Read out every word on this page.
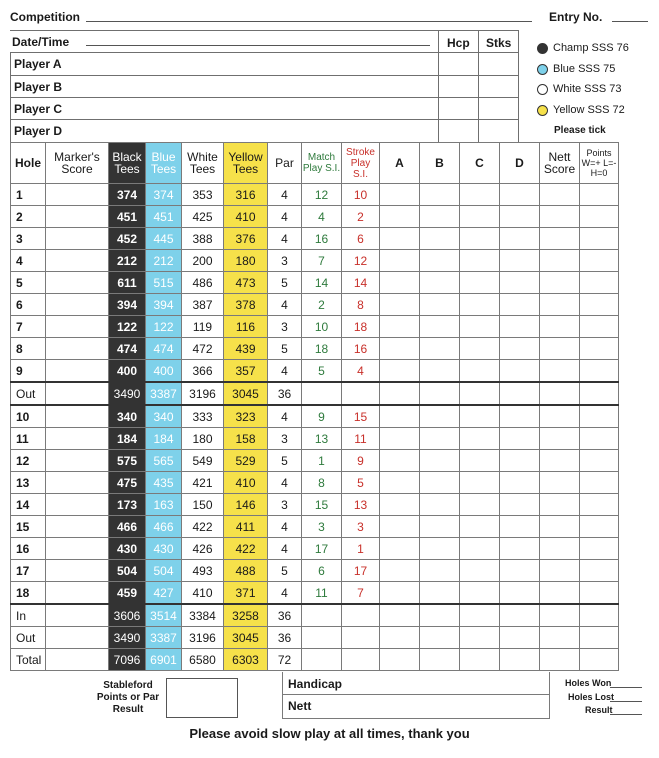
Competition	Entry No.
Date/Time	Hcp Stks
Player A
Player B
Player C
Player D
Champ SSS 76
Blue SSS 75
White SSS 73
Yellow SSS 72
Please tick
Hole	Marker's Score	Black Tees	Blue Tees	White Tees	Yellow Tees	Par	Match Play S.I.	Stroke Play S.I.	A	B	C	D	Nett Score	Points W=+ L=- H=0
1		374	374	353	316	4	12	10						
2		451	451	425	410	4	4	2						
3		452	445	388	376	4	16	6						
4		212	212	200	180	3	7	12						
5		611	515	486	473	5	14	14						
6		394	394	387	378	4	2	8						
7		122	122	119	116	3	10	18						
8		474	474	472	439	5	18	16						
9		400	400	366	357	4	5	4						
Out		3490	3387	3196	3045	36								
10		340	340	333	323	4	9	15						
11		184	184	180	158	3	13	11						
12		575	565	549	529	5	1	9						
13		475	435	421	410	4	8	5						
14		173	163	150	146	3	15	13						
15		466	466	422	411	4	3	3						
16		430	430	426	422	4	17	1						
17		504	504	493	488	5	6	17						
18		459	427	410	371	4	11	7						
In		3606	3514	3384	3258	36								
Out		3490	3387	3196	3045	36								
Total		7096	6901	6580	6303	72								
Stableford Points or Par Result
Handicap
Nett
Holes Won
Holes Lost
Result
Please avoid slow play at all times, thank you
